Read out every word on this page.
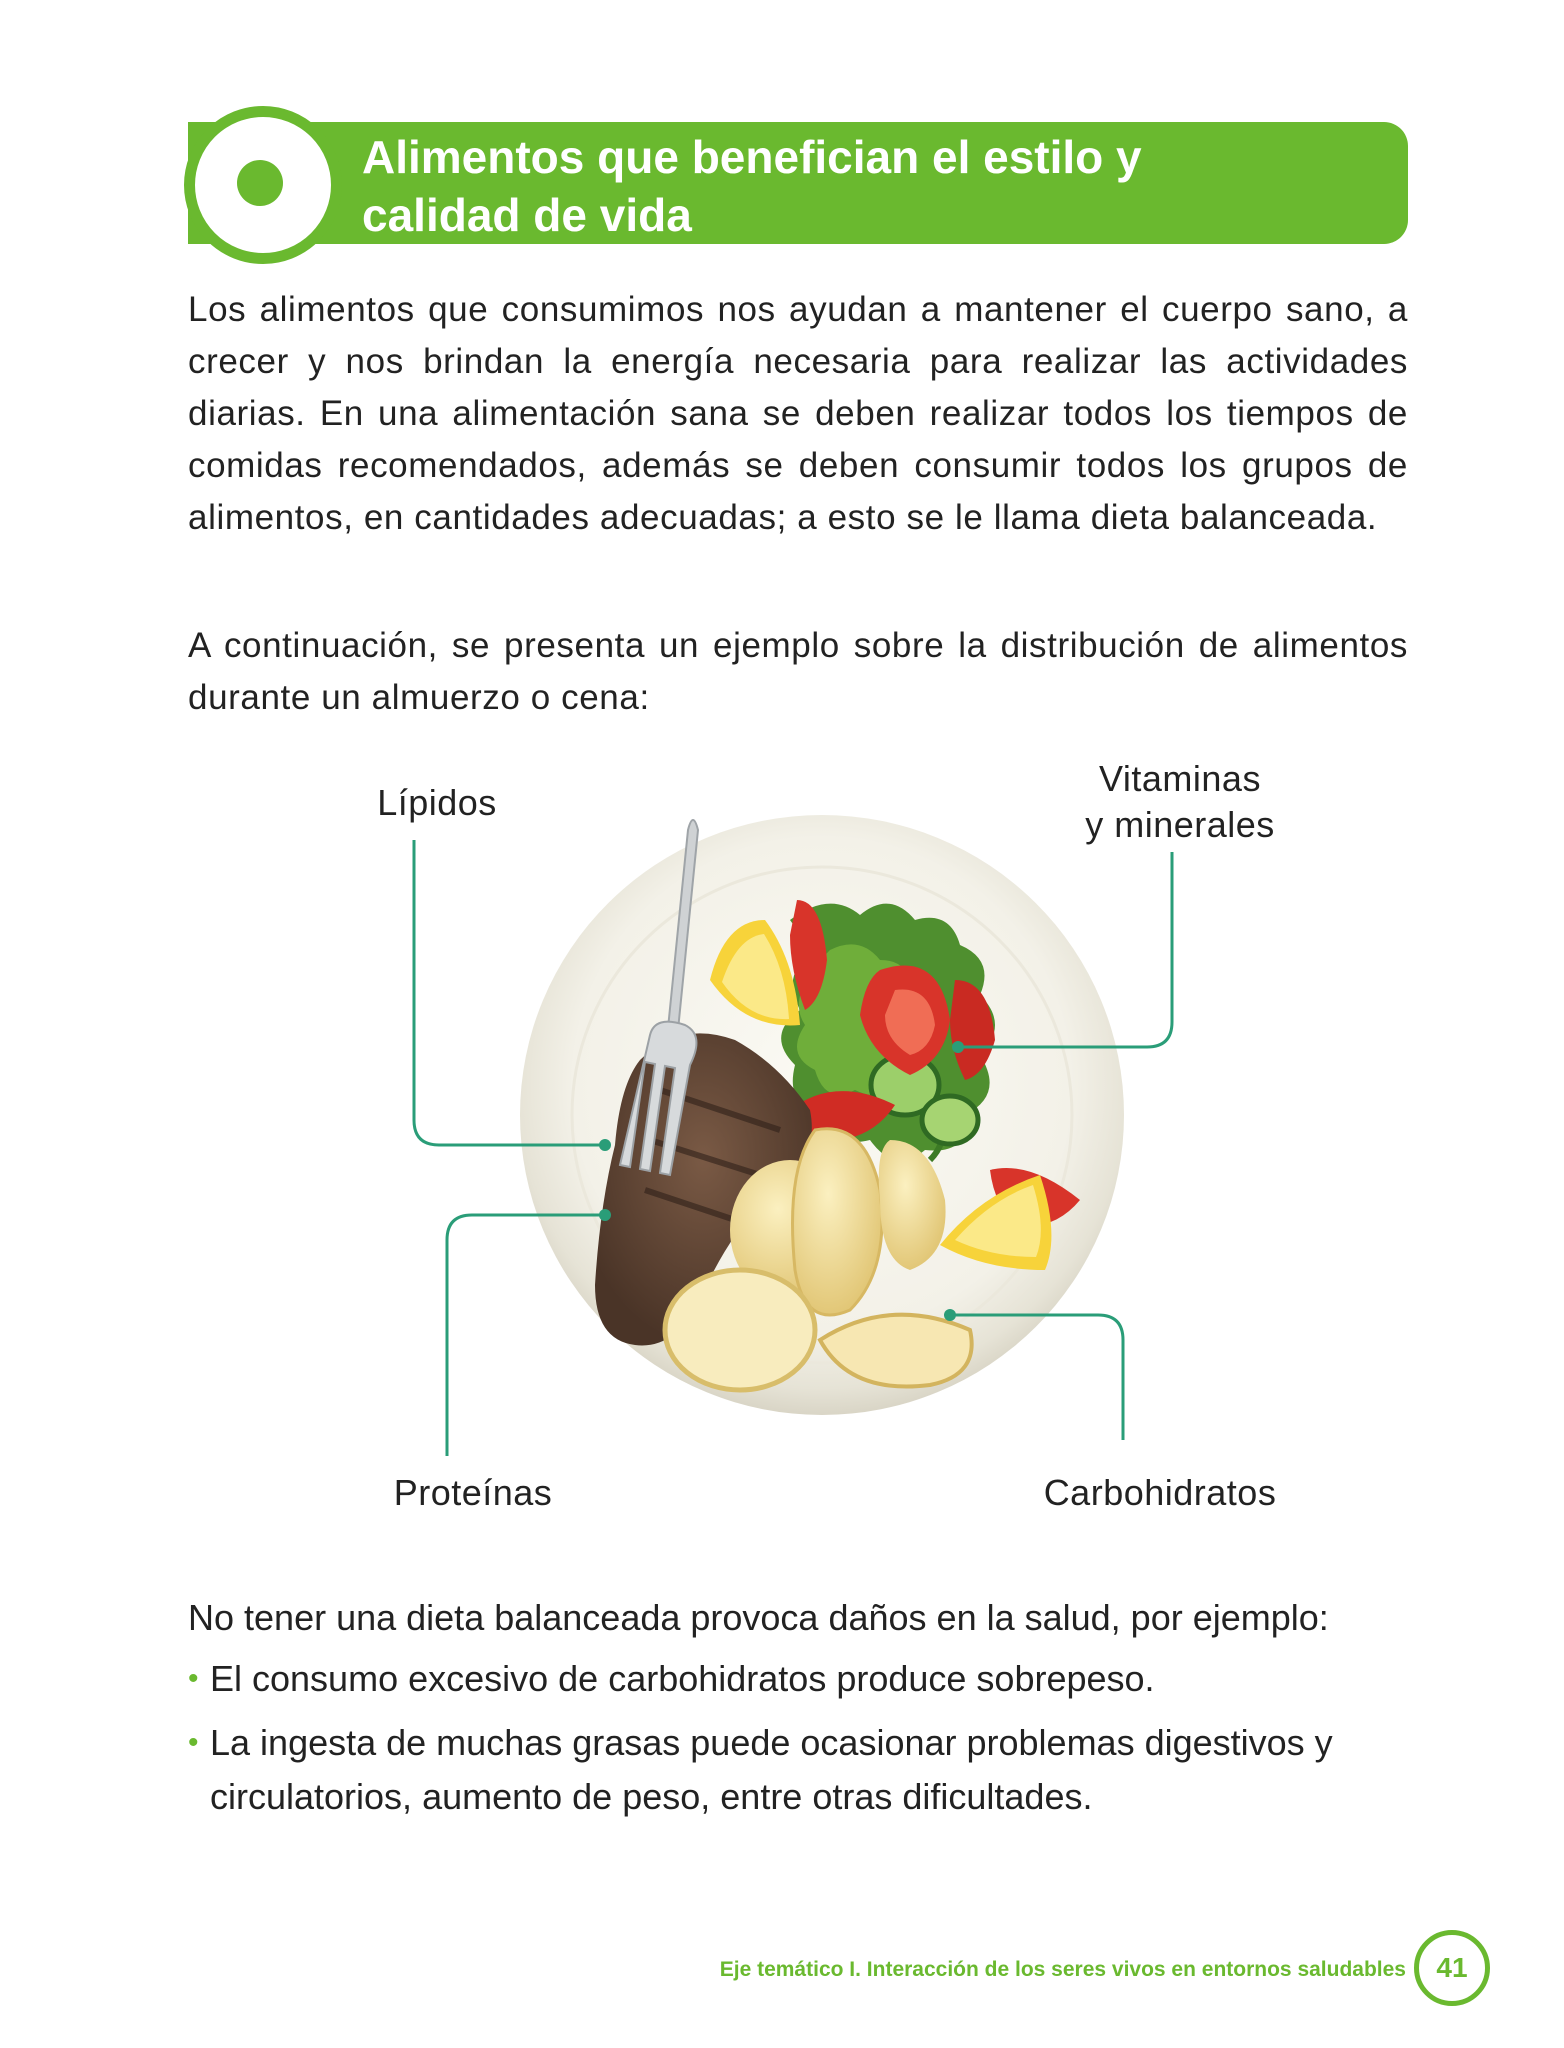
Alimentos que benefician el estilo y
calidad de vida
Los alimentos que consumimos nos ayudan a mantener el cuerpo sano, a crecer y nos brindan la energía necesaria para realizar las actividades diarias. En una alimentación sana se deben realizar todos los tiempos de comidas recomendados, además se deben consumir todos los grupos de alimentos, en cantidades adecuadas; a esto se le llama dieta balanceada.
A continuación, se presenta un ejemplo sobre la distribución de alimentos durante un almuerzo o cena:
Lípidos
Vitaminas
y minerales
Proteínas	Carbohidratos
No tener una dieta balanceada provoca daños en la salud, por ejemplo:
• El consumo excesivo de carbohidratos produce sobrepeso.
• La ingesta de muchas grasas puede ocasionar problemas digestivos y circulatorios, aumento de peso, entre otras dificultades.
Eje temático I. Interacción de los seres vivos en entornos saludables	41
